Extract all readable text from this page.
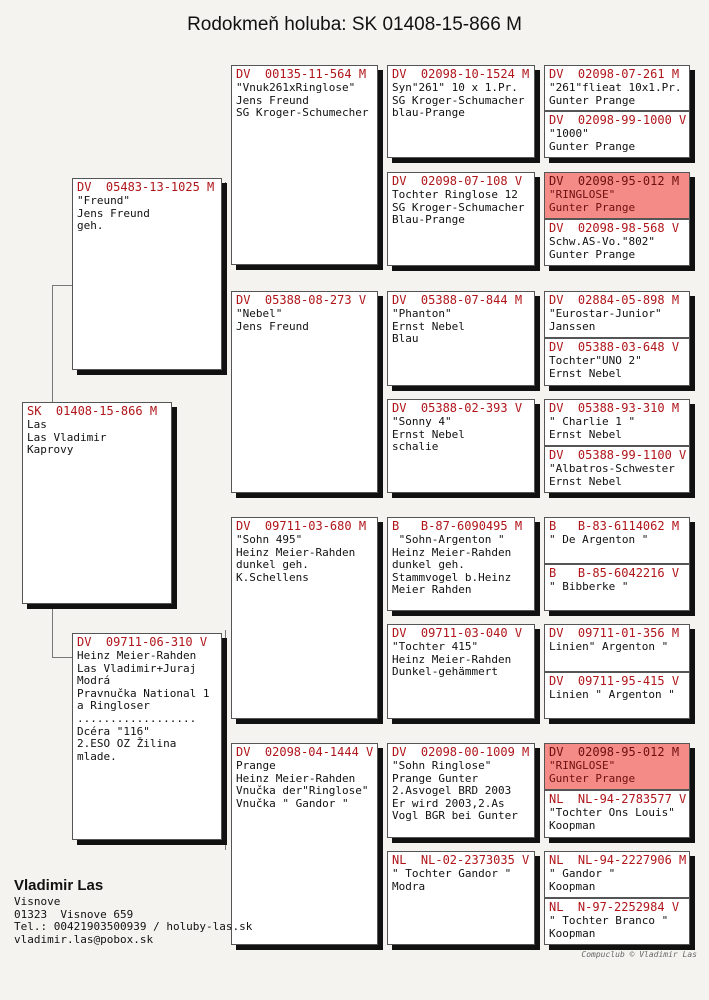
Rodokmeň holuba: SK 01408-15-866 M
SK  01408-15-866 M
Las
Las Vladimir
Kaprovy
DV  05483-13-1025 M
"Freund"
Jens Freund
geh.
DV  09711-06-310 V
Heinz Meier-Rahden
Las Vladimir+Juraj
Modrá
Pravnučka National 1
a Ringloser
..................
Dcéra "116"
2.ESO OZ Žilina
mlade.
DV  00135-11-564 M
"Vnuk261xRinglose"
Jens Freund
SG Kroger-Schumecher
DV  05388-08-273 V
"Nebel"
Jens Freund
DV  09711-03-680 M
"Sohn 495"
Heinz Meier-Rahden
dunkel geh.
K.Schellens
DV  02098-04-1444 V
Prange
Heinz Meier-Rahden
Vnučka der"Ringlose"
Vnučka " Gandor "
DV  02098-10-1524 M
Syn"261" 10 x 1.Pr.
SG Kroger-Schumacher
blau-Prange
DV  02098-07-108 V
Tochter Ringlose 12
SG Kroger-Schumacher
Blau-Prange
DV  05388-07-844 M
"Phanton"
Ernst Nebel
Blau
DV  05388-02-393 V
"Sonny 4"
Ernst Nebel
schalie
B   B-87-6090495 M
"Sohn-Argenton "
Heinz Meier-Rahden
dunkel geh.
Stammvogel b.Heinz
Meier Rahden
DV  09711-03-040 V
"Tochter 415"
Heinz Meier-Rahden
Dunkel-gehämmert
DV  02098-00-1009 M
"Sohn Ringlose"
Prange Gunter
2.Asvogel BRD 2003
Er wird 2003,2.As
Vogl BGR bei Gunter
NL  NL-02-2373035 V
" Tochter Gandor "
Modra
DV  02098-07-261 M
"261"flieat 10x1.Pr.
Gunter Prange
DV  02098-99-1000 V
"1000"
Gunter Prange
DV  02098-95-012 M
"RINGLOSE"
Gunter Prange
DV  02098-98-568 V
Schw.AS-Vo."802"
Gunter Prange
DV  02884-05-898 M
"Eurostar-Junior"
Janssen
DV  05388-03-648 V
Tochter"UNO 2"
Ernst Nebel
DV  05388-93-310 M
" Charlie 1 "
Ernst Nebel
DV  05388-99-1100 V
"Albatros-Schwester
Ernst Nebel
B   B-83-6114062 M
" De Argenton "
B   B-85-6042216 V
" Bibberke "
DV  09711-01-356 M
Linien" Argenton "
DV  09711-95-415 V
Linien " Argenton "
DV  02098-95-012 M
"RINGLOSE"
Gunter Prange
NL  NL-94-2783577 V
"Tochter Ons Louis"
Koopman
NL  NL-94-2227906 M
" Gandor "
Koopman
NL  N-97-2252984 V
" Tochter Branco "
Koopman
Vladimir Las
Visnove
01323  Visnove 659
Tel.: 00421903500939 / holuby-las.sk
vladimir.las@pobox.sk
Compuclub © Vladimir Las
